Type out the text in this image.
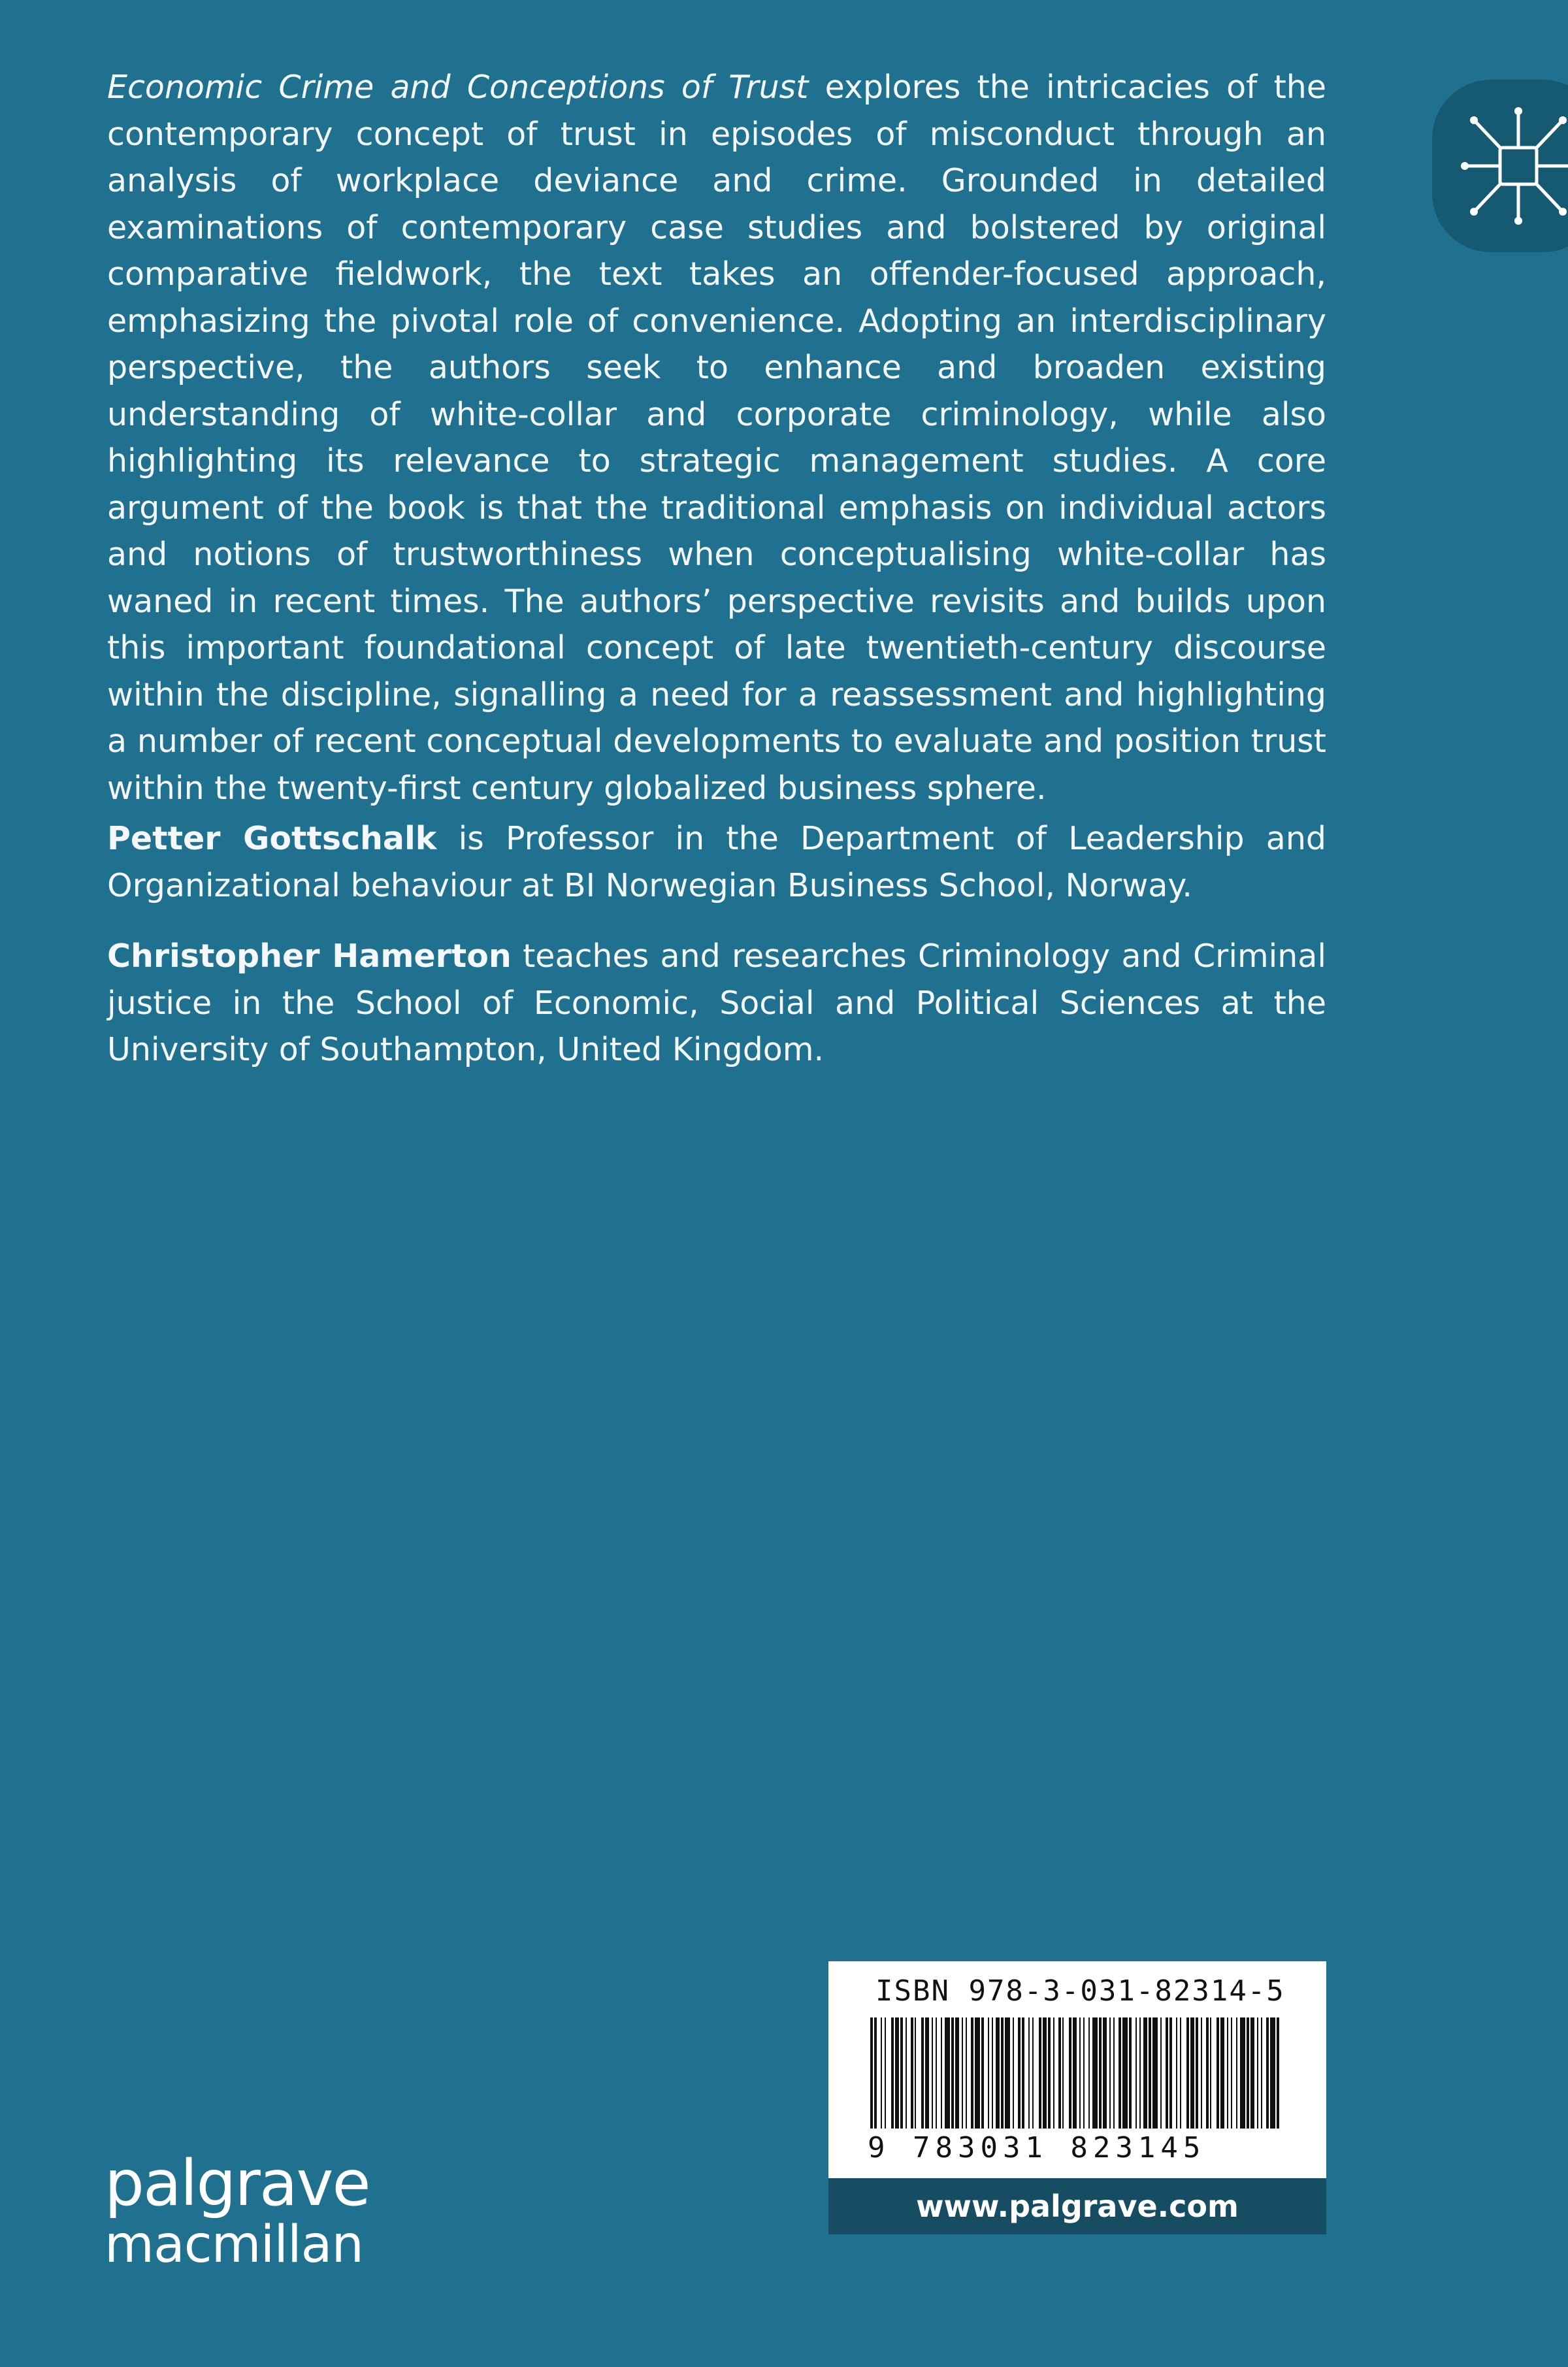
Economic Crime and Conceptions of Trust explores the intricacies of the contemporary concept of trust in episodes of misconduct through an analysis of workplace deviance and crime. Grounded in detailed examinations of contemporary case studies and bolstered by original comparative fieldwork, the text takes an offender-focused approach, emphasizing the pivotal role of convenience. Adopting an interdisciplinary perspective, the authors seek to enhance and broaden existing understanding of white-collar and corporate criminology, while also highlighting its relevance to strategic management studies. A core argument of the book is that the traditional emphasis on individual actors and notions of trustworthiness when conceptualising white-collar has waned in recent times. The authors’ perspective revisits and builds upon this important foundational concept of late twentieth-century discourse within the discipline, signalling a need for a reassessment and highlighting a number of recent conceptual developments to evaluate and position trust within the twenty-first century globalized business sphere.

Petter Gottschalk is Professor in the Department of Leadership and Organizational behaviour at BI Norwegian Business School, Norway.

Christopher Hamerton teaches and researches Criminology and Criminal justice in the School of Economic, Social and Political Sciences at the University of Southampton, United Kingdom.

palgrave
macmillan
ISBN 978-3-031-82314-5
9 783031 823145
www.palgrave.com
